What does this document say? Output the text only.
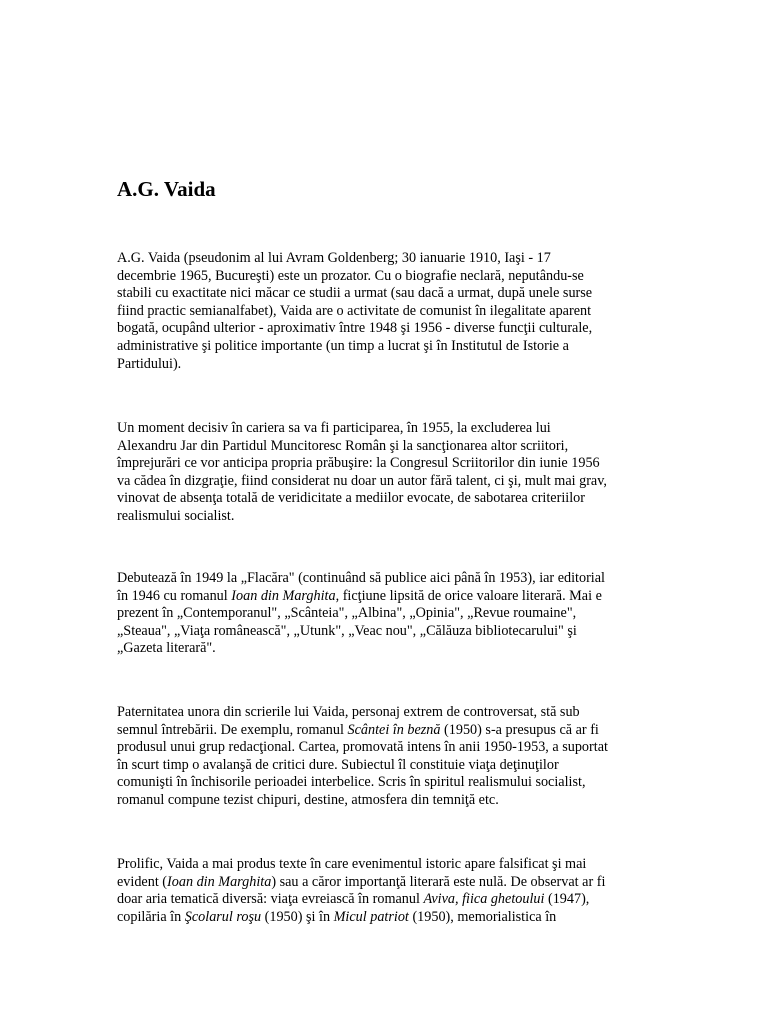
A.G. Vaida
A.G. Vaida (pseudonim al lui Avram Goldenberg; 30 ianuarie 1910, Iaşi - 17
decembrie 1965, Bucureşti) este un prozator. Cu o biografie neclară, neputându-se
stabili cu exactitate nici măcar ce studii a urmat (sau dacă a urmat, după unele surse
fiind practic semianalfabet), Vaida are o activitate de comunist în ilegalitate aparent
bogată, ocupând ulterior - aproximativ între 1948 şi 1956 - diverse funcţii culturale,
administrative şi politice importante (un timp a lucrat şi în Institutul de Istorie a
Partidului).
Un moment decisiv în cariera sa va fi participarea, în 1955, la excluderea lui
Alexandru Jar din Partidul Muncitoresc Român şi la sancţionarea altor scriitori,
împrejurări ce vor anticipa propria prăbuşire: la Congresul Scriitorilor din iunie 1956
va cădea în dizgraţie, fiind considerat nu doar un autor fără talent, ci şi, mult mai grav,
vinovat de absenţa totală de veridicitate a mediilor evocate, de sabotarea criteriilor
realismului socialist.
Debutează în 1949 la „Flacăra" (continuând să publice aici până în 1953), iar editorial
în 1946 cu romanul Ioan din Marghita, ficţiune lipsită de orice valoare literară. Mai e
prezent în „Contemporanul", „Scânteia", „Albina", „Opinia", „Revue roumaine",
„Steaua", „Viaţa românească", „Utunk", „Veac nou", „Călăuza bibliotecarului" şi
„Gazeta literară".
Paternitatea unora din scrierile lui Vaida, personaj extrem de controversat, stă sub
semnul întrebării. De exemplu, romanul Scântei în beznă (1950) s-a presupus că ar fi
produsul unui grup redacţional. Cartea, promovată intens în anii 1950-1953, a suportat
în scurt timp o avalanşă de critici dure. Subiectul îl constituie viaţa deţinuţilor
comunişti în închisorile perioadei interbelice. Scris în spiritul realismului socialist,
romanul compune tezist chipuri, destine, atmosfera din temniţă etc.
Prolific, Vaida a mai produs texte în care evenimentul istoric apare falsificat şi mai
evident (Ioan din Marghita) sau a căror importanţă literară este nulă. De observat ar fi
doar aria tematică diversă: viaţa evreiască în romanul Aviva, fiica ghetoului (1947),
copilăria în Şcolarul roşu (1950) şi în Micul patriot (1950), memorialistica în
